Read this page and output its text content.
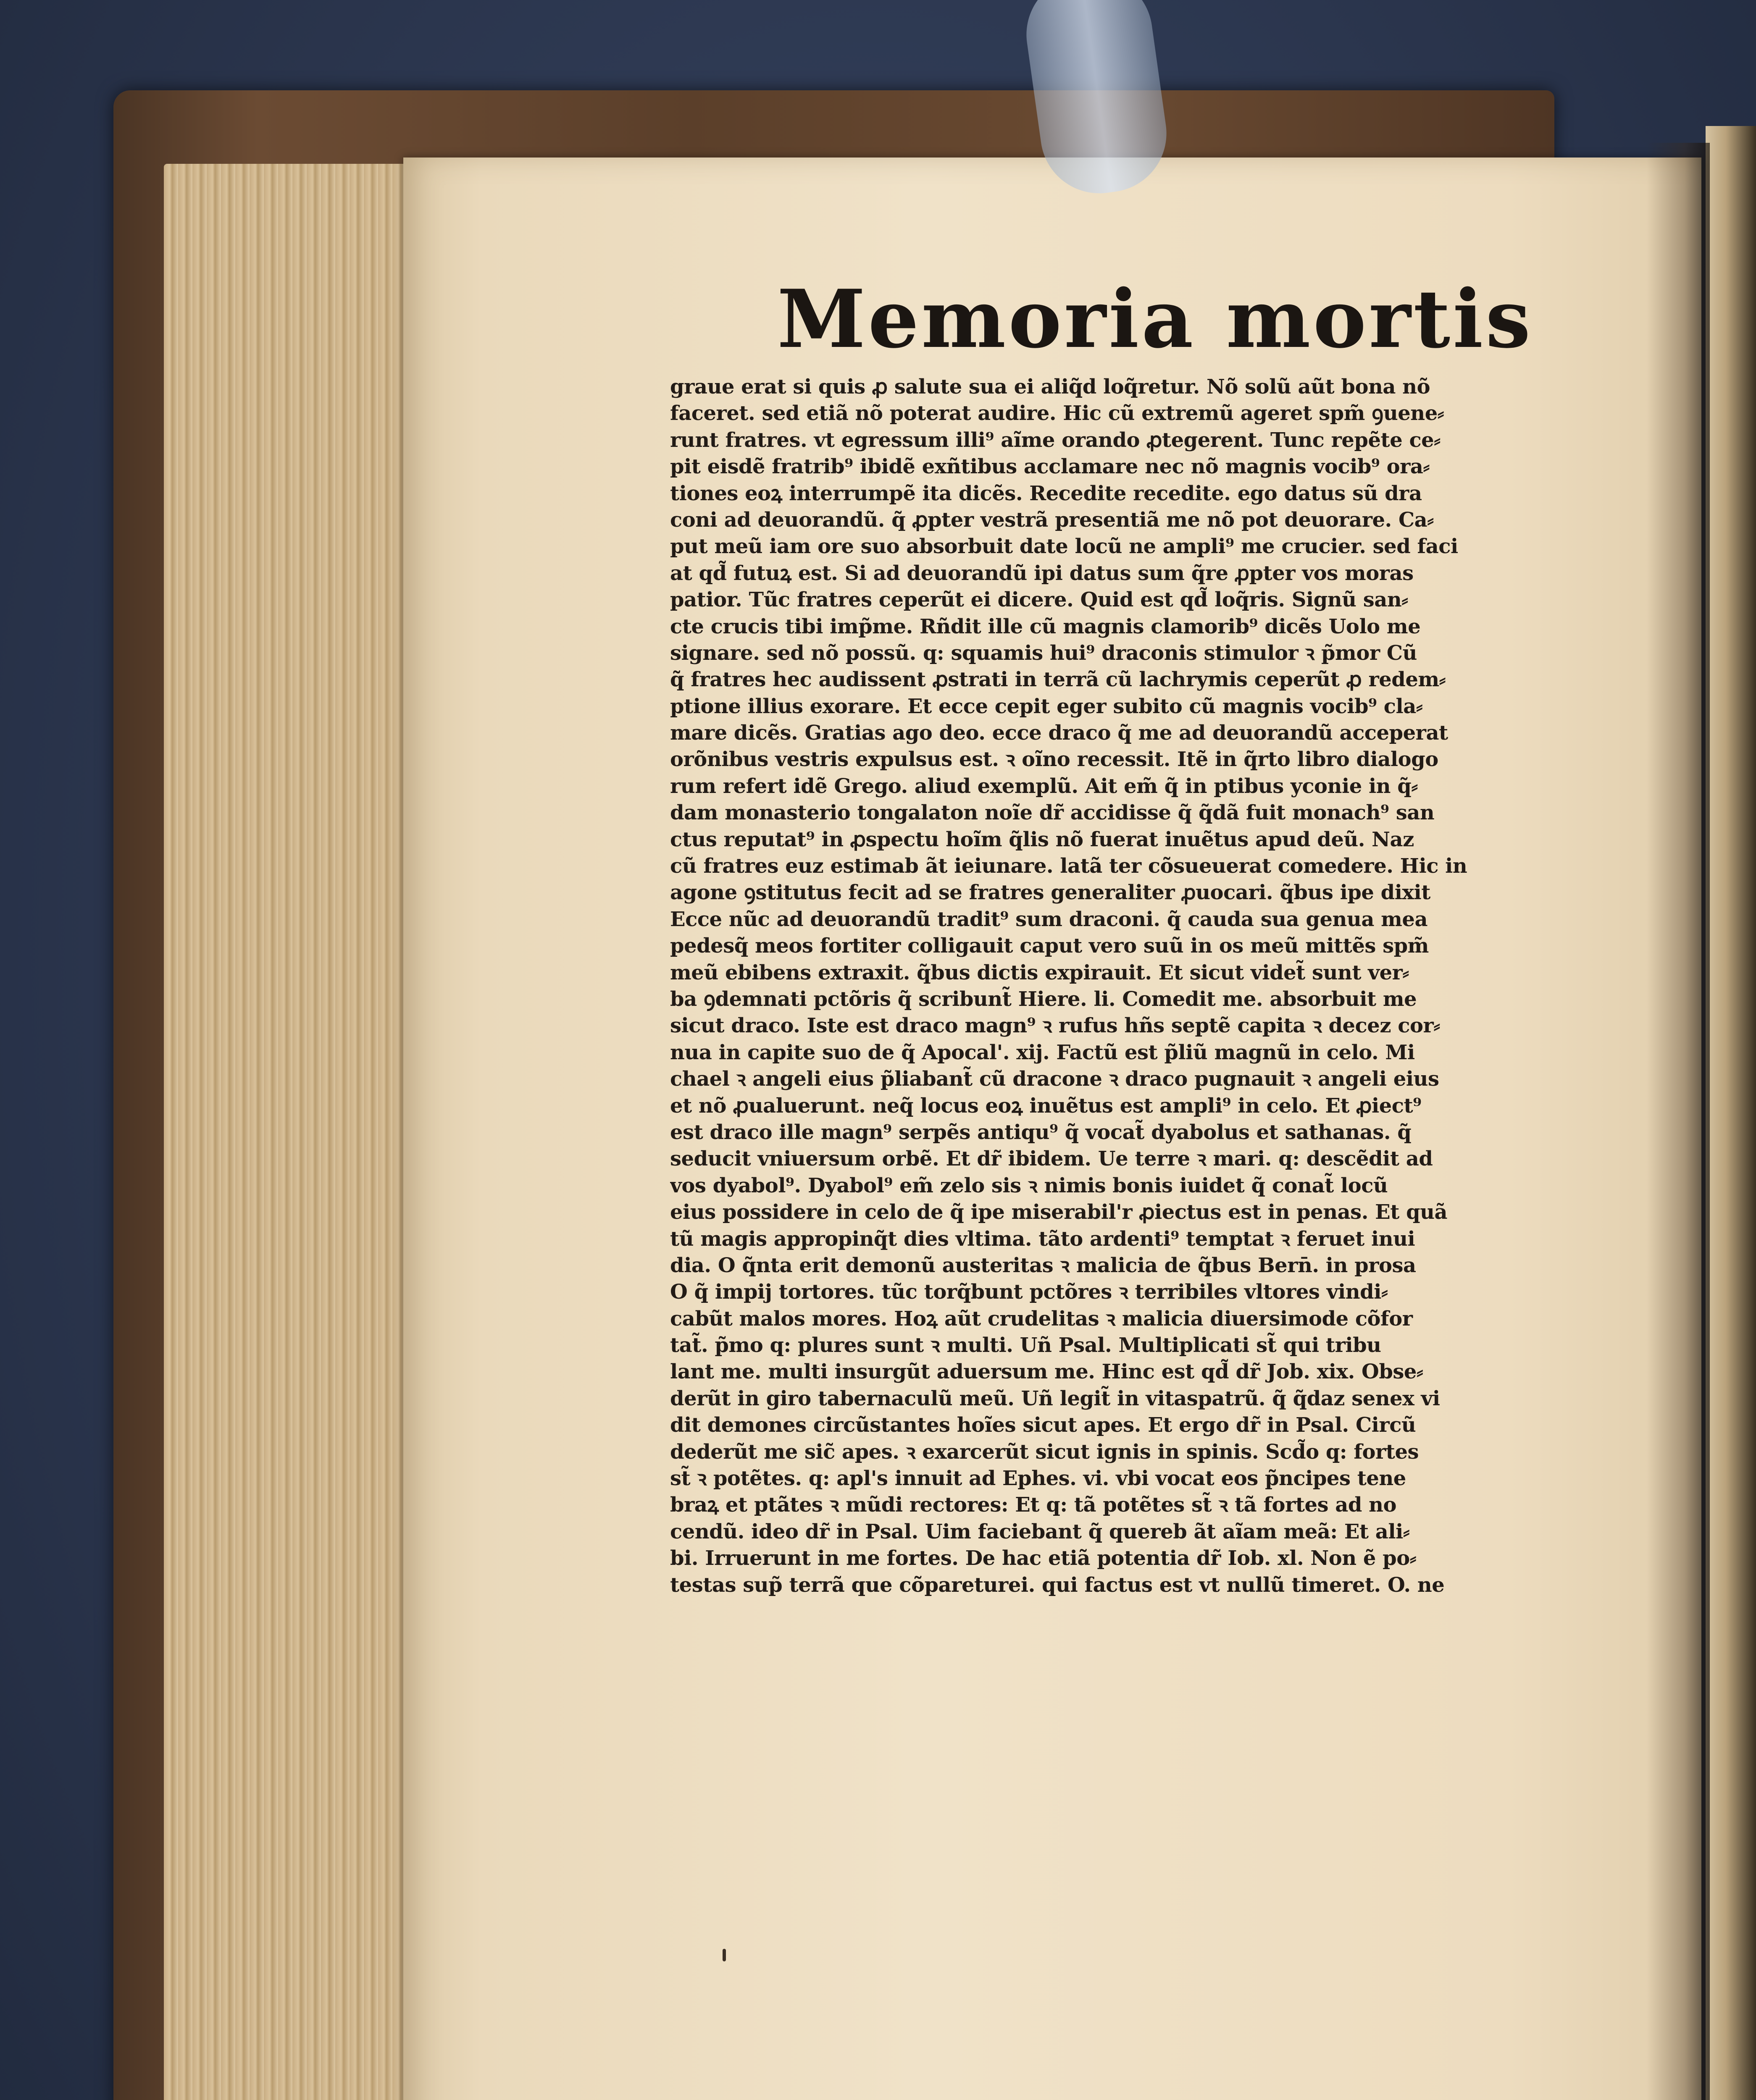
Memoria mortis
graue erat si quis ꝓ salute sua ei aliq̃d loq̃retur. Nõ solũ aũt bona nõ
faceret. sed etiã nõ poterat audire. Hic cũ extremũ ageret spm̃ ꝯuene⸗
runt fratres. vt egressum illi⁹ aĩme orando ꝓtegerent. Tunc repẽte ce⸗
pit eisdẽ fratrib⁹ ibidẽ exñtibus acclamare nec nõ magnis vocib⁹ ora⸗
tiones eoꝝ interrumpẽ ita dicẽs. Recedite recedite. ego datus sũ dra
coni ad deuorandũ. q̃ ꝓpter vestrã presentiã me nõ pot deuorare. Ca⸗
put meũ iam ore suo absorbuit date locũ ne ampli⁹ me crucier. sed faci
at qd̃ futuꝝ est. Si ad deuorandũ ipi datus sum q̃re ꝓpter vos moras
patior. Tũc fratres ceperũt ei dicere. Quid est qd̃ loq̃ris. Signũ san⸗
cte crucis tibi imp̃me. Rñdit ille cũ magnis clamorib⁹ dicẽs Uolo me
signare. sed nõ possũ. q: squamis hui⁹ draconis stimulor ꝛ p̃mor Cũ
q̃ fratres hec audissent ꝓstrati in terrã cũ lachrymis ceperũt ꝓ redem⸗
ptione illius exorare. Et ecce cepit eger subito cũ magnis vocib⁹ cla⸗
mare dicẽs. Gratias ago deo. ecce draco q̃ me ad deuorandũ acceperat
orõnibus vestris expulsus est. ꝛ oĩno recessit. Itẽ in q̃rto libro dialogo
rum refert idẽ Grego. aliud exemplũ. Ait em̃ q̃ in ptibus yconie in q̃⸗
dam monasterio tongalaton noĩe dr̃ accidisse q̃ q̃dã fuit monach⁹ san
ctus reputat⁹ in ꝓspectu hoĩm q̃lis nõ fuerat inuẽtus apud deũ. Naz
cũ fratres euz estimab ãt ieiunare. latã ter cõsueuerat comedere. Hic in
agone ꝯstitutus fecit ad se fratres generaliter ꝓuocari. q̃bus ipe dixit
Ecce nũc ad deuorandũ tradit⁹ sum draconi. q̃ cauda sua genua mea
pedesq̃ meos fortiter colligauit caput vero suũ in os meũ mittẽs spm̃
meũ ebibens extraxit. q̃bus dictis expirauit. Et sicut videt̃ sunt ver⸗
ba ꝯdemnati pctõris q̃ scribunt̃ Hiere. li. Comedit me. absorbuit me
sicut draco. Iste est draco magn⁹ ꝛ rufus hñs septẽ capita ꝛ decez cor⸗
nua in capite suo de q̃ Apocal'. xij. Factũ est p̃liũ magnũ in celo. Mi
chael ꝛ angeli eius p̃liabant̃ cũ dracone ꝛ draco pugnauit ꝛ angeli eius
et nõ ꝓualuerunt. neq̃ locus eoꝝ inuẽtus est ampli⁹ in celo. Et ꝓiect⁹
est draco ille magn⁹ serpẽs antiqu⁹ q̃ vocat̃ dyabolus et sathanas. q̃
seducit vniuersum orbẽ. Et dr̃ ibidem. Ue terre ꝛ mari. q: descẽdit ad
vos dyabol⁹. Dyabol⁹ em̃ zelo sis ꝛ nimis bonis iuidet q̃ conat̃ locũ
eius possidere in celo de q̃ ipe miserabil'r ꝓiectus est in penas. Et quã
tũ magis appropinq̃t dies vltima. tãto ardenti⁹ temptat ꝛ feruet inui
dia. O q̃nta erit demonũ austeritas ꝛ malicia de q̃bus Bern̄. in prosa
O q̃ impij tortores. tũc torq̃bunt pctõres ꝛ terribiles vltores vindi⸗
cabũt malos mores. Hoꝝ aũt crudelitas ꝛ malicia diuersimode cõfor
tat̃. p̃mo q: plures sunt ꝛ multi. Uñ Psal. Multiplicati st̃ qui tribu
lant me. multi insurgũt aduersum me. Hinc est qd̃ dr̃ Job. xix. Obse⸗
derũt in giro tabernaculũ meũ. Uñ legit̃ in vitaspatrũ. q̃ q̃daz senex vi
dit demones circũstantes hoĩes sicut apes. Et ergo dr̃ in Psal. Circũ
dederũt me sic̃ apes. ꝛ exarcerũt sicut ignis in spinis. Scd̃o q: fortes
st̃ ꝛ potẽtes. q: apl's innuit ad Ephes. vi. vbi vocat eos p̃ncipes tene
braꝝ et ptãtes ꝛ mũdi rectores: Et q: tã potẽtes st̃ ꝛ tã fortes ad no
cendũ. ideo dr̃ in Psal. Uim faciebant q̃ quereb ãt aĩam meã: Et ali⸗
bi. Irruerunt in me fortes. De hac etiã potentia dr̃ Iob. xl. Non ẽ po⸗
testas sup̃ terrã que cõpareturei. qui factus est vt nullũ timeret. O. ne
